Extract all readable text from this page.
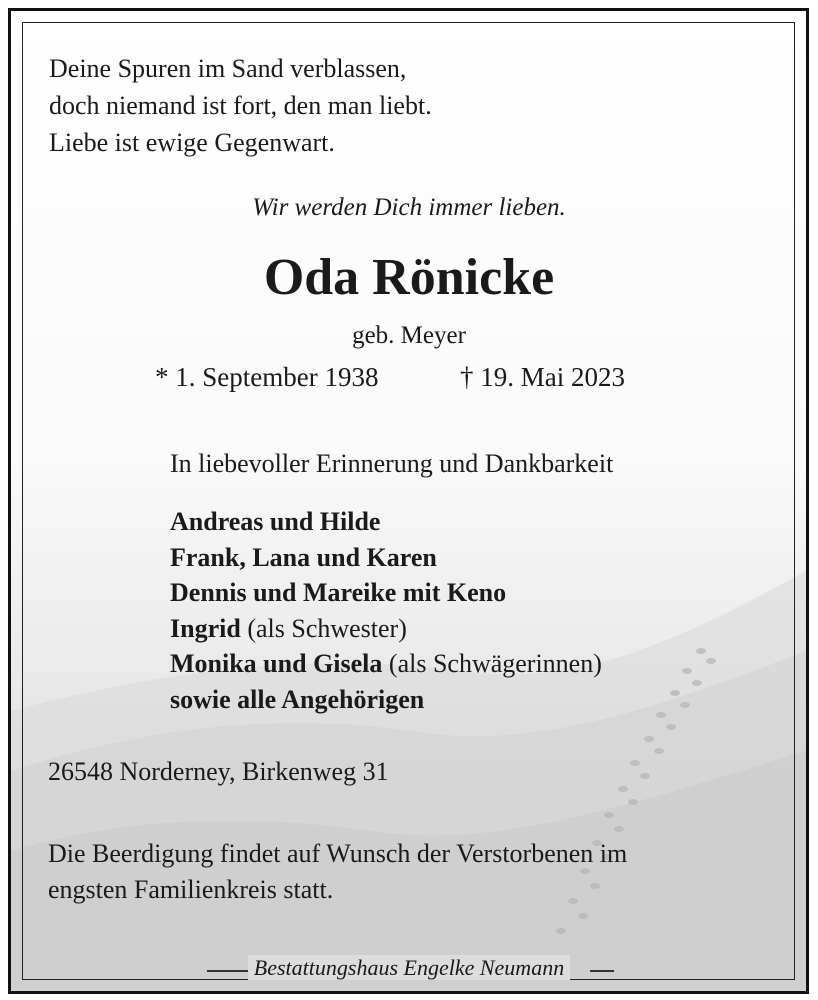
Deine Spuren im Sand verblassen,
doch niemand ist fort, den man liebt.
Liebe ist ewige Gegenwart.
Wir werden Dich immer lieben.
Oda Rönicke
geb. Meyer
* 1. September 1938	† 19. Mai 2023
In liebevoller Erinnerung und Dankbarkeit
Andreas und Hilde
Frank, Lana und Karen
Dennis und Mareike mit Keno
Ingrid (als Schwester)
Monika und Gisela (als Schwägerinnen)
sowie alle Angehörigen
26548 Norderney, Birkenweg 31
Die Beerdigung findet auf Wunsch der Verstorbenen im
engsten Familienkreis statt.
Bestattungshaus Engelke Neumann
